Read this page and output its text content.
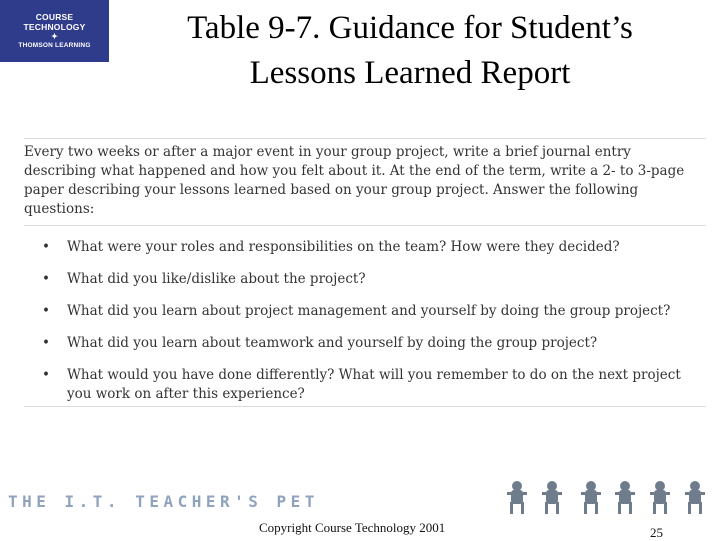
COURSE
TECHNOLOGY
✦
THOMSON LEARNING	Table 9-7. Guidance for Student’s
Lessons Learned Report
Every two weeks or after a major event in your group project, write a brief journal entry describing what happened and how you felt about it. At the end of the term, write a 2- to 3-page paper describing your lessons learned based on your group project. Answer the following questions:
• What were your roles and responsibilities on the team? How were they decided?
• What did you like/dislike about the project?
• What did you learn about project management and yourself by doing the group project?
• What did you learn about teamwork and yourself by doing the group project?
• What would you have done differently? What will you remember to do on the next project you work on after this experience?
THE I.T. TEACHER'S PET
Copyright Course Technology 2001	25
